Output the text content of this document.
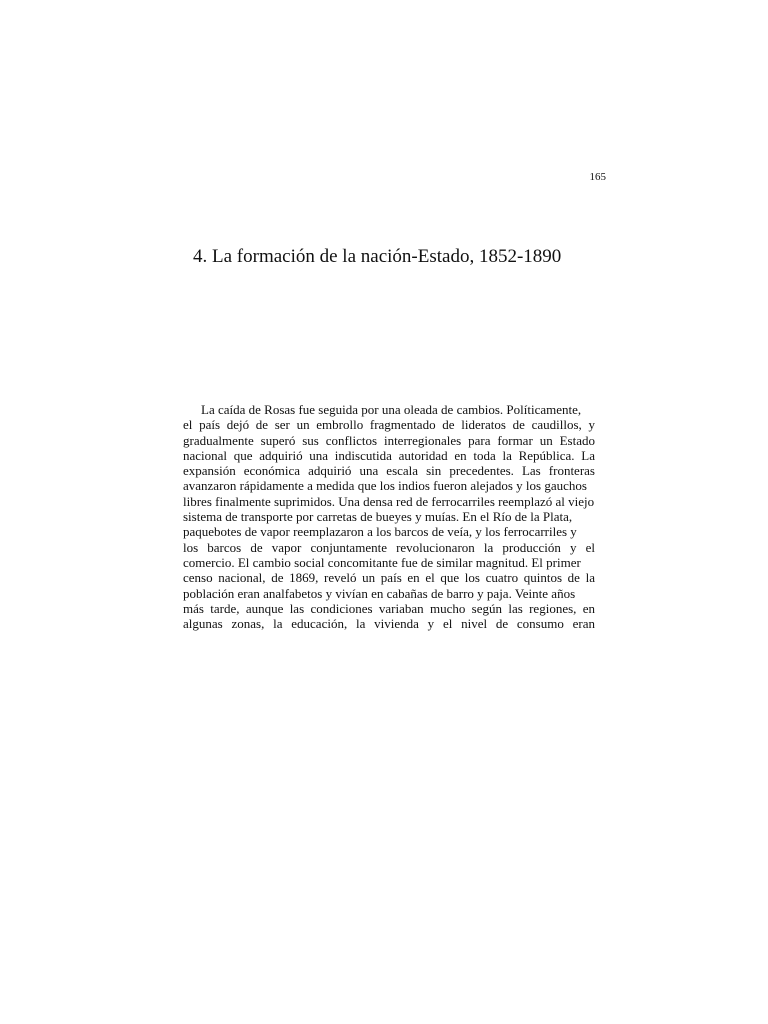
165
4. La formación de la nación-Estado, 1852-1890
La caída de Rosas fue seguida por una oleada de cambios. Políticamente,
el país dejó de ser un embrollo fragmentado de lideratos de caudillos, y
gradualmente superó sus conflictos interregionales para formar un Estado
nacional que adquirió una indiscutida autoridad en toda la República. La
expansión económica adquirió una escala sin precedentes. Las fronteras
avanzaron rápidamente a medida que los indios fueron alejados y los gauchos
libres finalmente suprimidos. Una densa red de ferrocarriles reemplazó al viejo
sistema de transporte por carretas de bueyes y muías. En el Río de la Plata,
paquebotes de vapor reemplazaron a los barcos de veía, y los ferrocarriles y
los barcos de vapor conjuntamente revolucionaron la producción y el
comercio. El cambio social concomitante fue de similar magnitud. El primer
censo nacional, de 1869, reveló un país en el que los cuatro quintos de la
población eran analfabetos y vivían en cabañas de barro y paja. Veinte años
más tarde, aunque las condiciones variaban mucho según las regiones, en
algunas zonas, la educación, la vivienda y el nivel de consumo eran
